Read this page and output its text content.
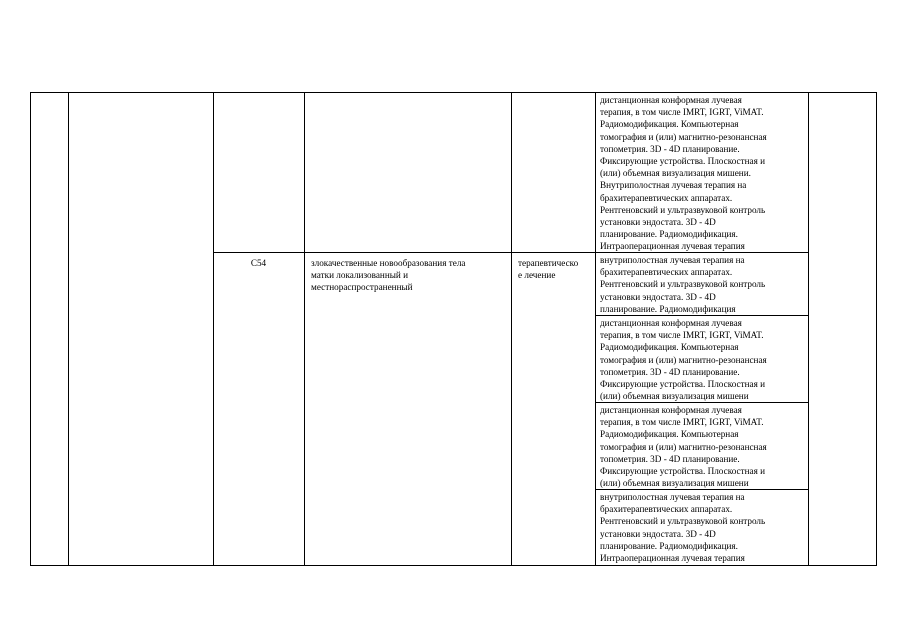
C54	злокачественные новообразования тела
матки локализованный и
местнораспространенный
терапевтическо
е лечение
дистанционная конформная лучевая
терапия, в том числе IMRT, IGRT, ViMAT.
Радиомодификация. Компьютерная
томография и (или) магнитно-резонансная
топометрия. 3D - 4D планирование.
Фиксирующие устройства. Плоскостная и
(или) объемная визуализация мишени.
Внутриполостная лучевая терапия на
брахитерапевтических аппаратах.
Рентгеновский и ультразвуковой контроль
установки эндостата. 3D - 4D
планирование. Радиомодификация.
Интраоперационная лучевая терапия
внутриполостная лучевая терапия на
брахитерапевтических аппаратах.
Рентгеновский и ультразвуковой контроль
установки эндостата. 3D - 4D
планирование. Радиомодификация
дистанционная конформная лучевая
терапия, в том числе IMRT, IGRT, ViMAT.
Радиомодификация. Компьютерная
томография и (или) магнитно-резонансная
топометрия. 3D - 4D планирование.
Фиксирующие устройства. Плоскостная и
(или) объемная визуализация мишени
дистанционная конформная лучевая
терапия, в том числе IMRT, IGRT, ViMAT.
Радиомодификация. Компьютерная
томография и (или) магнитно-резонансная
топометрия. 3D - 4D планирование.
Фиксирующие устройства. Плоскостная и
(или) объемная визуализация мишени
внутриполостная лучевая терапия на
брахитерапевтических аппаратах.
Рентгеновский и ультразвуковой контроль
установки эндостата. 3D - 4D
планирование. Радиомодификация.
Интраоперационная лучевая терапия
